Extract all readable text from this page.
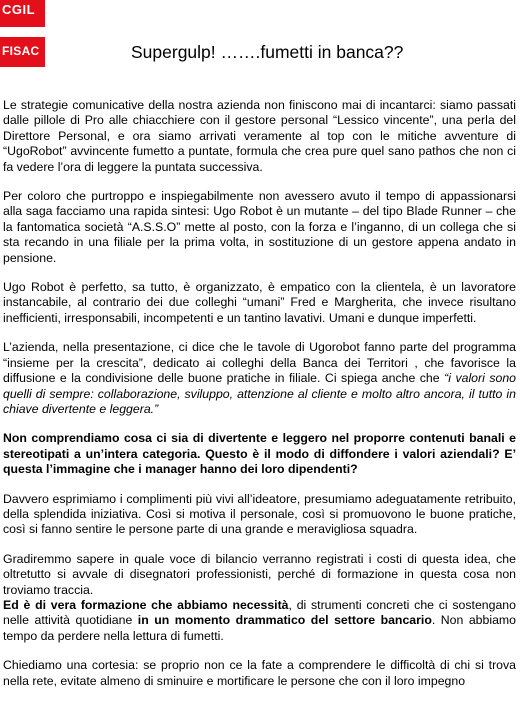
CGIL
FISAC	Supergulp! …….fumetti in banca??

Le strategie comunicative della nostra azienda non finiscono mai di incantarci: siamo passati dalle pillole di Pro alle chiacchiere con il gestore personal “Lessico vincente”, una perla del Direttore Personal, e ora siamo arrivati veramente al top con le mitiche avventure di “UgoRobot” avvincente fumetto a puntate, formula che crea pure quel sano pathos che non ci fa vedere l’ora di leggere la puntata successiva.

Per coloro che purtroppo e inspiegabilmente non avessero avuto il tempo di appassionarsi alla saga facciamo una rapida sintesi: Ugo Robot è un mutante – del tipo Blade Runner – che la fantomatica società “A.S.S.O” mette al posto, con la forza e l’inganno, di un collega che si sta recando in una filiale per la prima volta, in sostituzione di un gestore appena andato in pensione.

Ugo Robot è perfetto, sa tutto, è organizzato, è empatico con la clientela, è un lavoratore instancabile, al contrario dei due colleghi “umani” Fred e Margherita, che invece risultano inefficienti, irresponsabili, incompetenti e un tantino lavativi. Umani e dunque imperfetti.

L’azienda, nella presentazione, ci dice che le tavole di Ugorobot fanno parte del programma “insieme per la crescita”, dedicato ai colleghi della Banca dei Territori , che favorisce la diffusione e la condivisione delle buone pratiche in filiale. Ci spiega anche che “i valori sono quelli di sempre: collaborazione, sviluppo, attenzione al cliente e molto altro ancora, il tutto in chiave divertente e leggera.”

Non comprendiamo cosa ci sia di divertente e leggero nel proporre contenuti banali e stereotipati a un’intera categoria. Questo è il modo di diffondere i valori aziendali? E’ questa l’immagine che i manager hanno dei loro dipendenti?

Davvero esprimiamo i complimenti più vivi all’ideatore, presumiamo adeguatamente retribuito, della splendida iniziativa. Così si motiva il personale, così si promuovono le buone pratiche, così si fanno sentire le persone parte di una grande e meravigliosa squadra.

Gradiremmo sapere in quale voce di bilancio verranno registrati i costi di questa idea, che oltretutto si avvale di disegnatori professionisti, perché di formazione in questa cosa non troviamo traccia.

Ed è di vera formazione che abbiamo necessità, di strumenti concreti che ci sostengano nelle attività quotidiane in un momento drammatico del settore bancario. Non abbiamo tempo da perdere nella lettura di fumetti.

Chiediamo una cortesia: se proprio non ce la fate a comprendere le difficoltà di chi si trova nella rete, evitate almeno di sminuire e mortificare le persone che con il loro impegno
